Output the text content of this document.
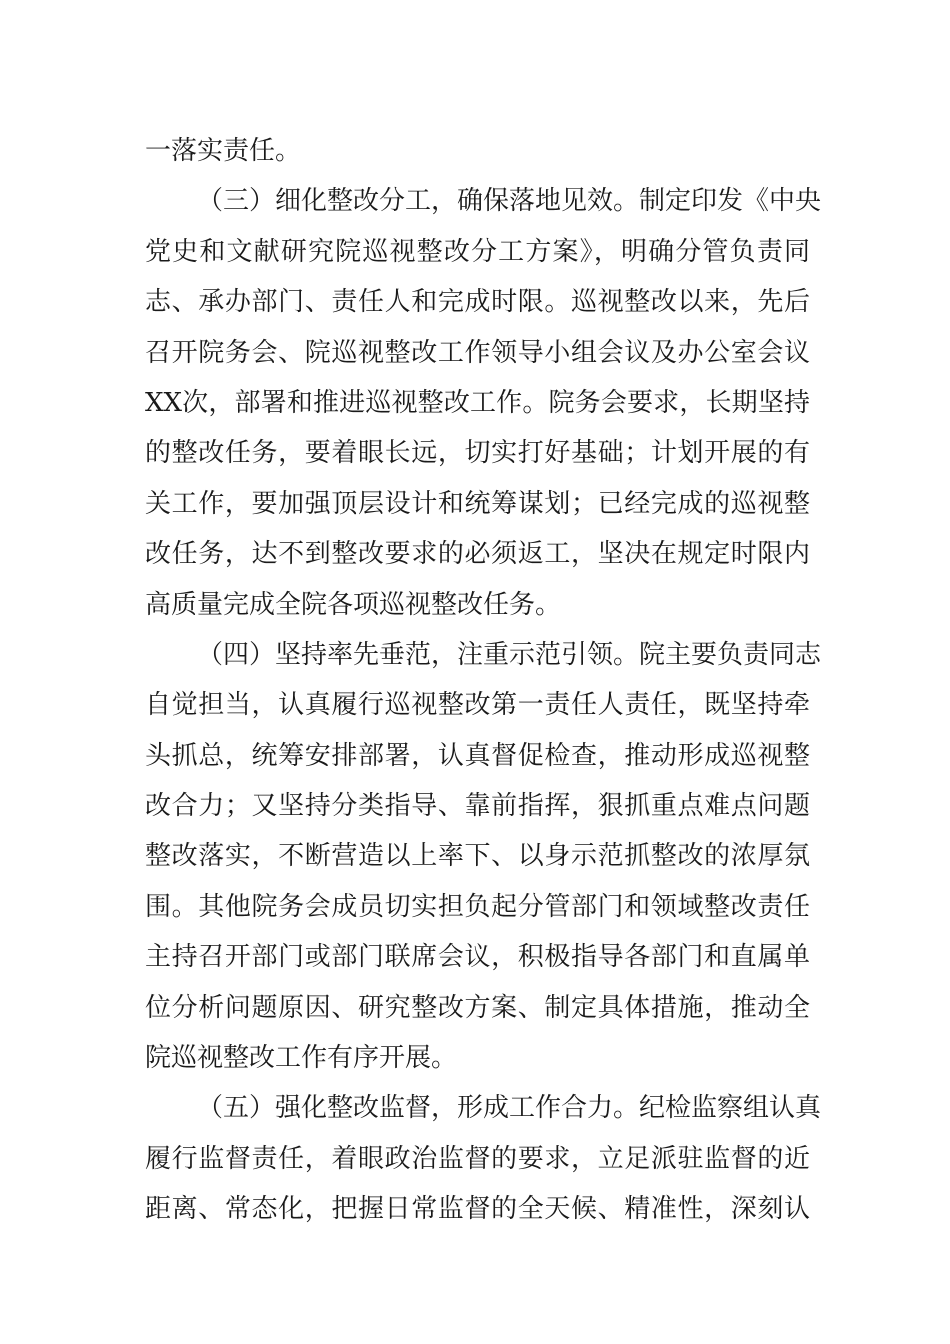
一落实责任。
（三）细化整改分工，确保落地见效。制定印发《中央
党史和文献研究院巡视整改分工方案》，明确分管负责同
志、承办部门、责任人和完成时限。巡视整改以来，先后
召开院务会、院巡视整改工作领导小组会议及办公室会议
XX次，部署和推进巡视整改工作。院务会要求，长期坚持
的整改任务，要着眼长远，切实打好基础；计划开展的有
关工作，要加强顶层设计和统筹谋划；已经完成的巡视整
改任务，达不到整改要求的必须返工，坚决在规定时限内
高质量完成全院各项巡视整改任务。
（四）坚持率先垂范，注重示范引领。院主要负责同志
自觉担当，认真履行巡视整改第一责任人责任，既坚持牵
头抓总，统筹安排部署，认真督促检查，推动形成巡视整
改合力；又坚持分类指导、靠前指挥，狠抓重点难点问题
整改落实，不断营造以上率下、以身示范抓整改的浓厚氛
围。其他院务会成员切实担负起分管部门和领域整改责任
主持召开部门或部门联席会议，积极指导各部门和直属单
位分析问题原因、研究整改方案、制定具体措施，推动全
院巡视整改工作有序开展。
（五）强化整改监督，形成工作合力。纪检监察组认真
履行监督责任，着眼政治监督的要求，立足派驻监督的近
距离、常态化，把握日常监督的全天候、精准性，深刻认
